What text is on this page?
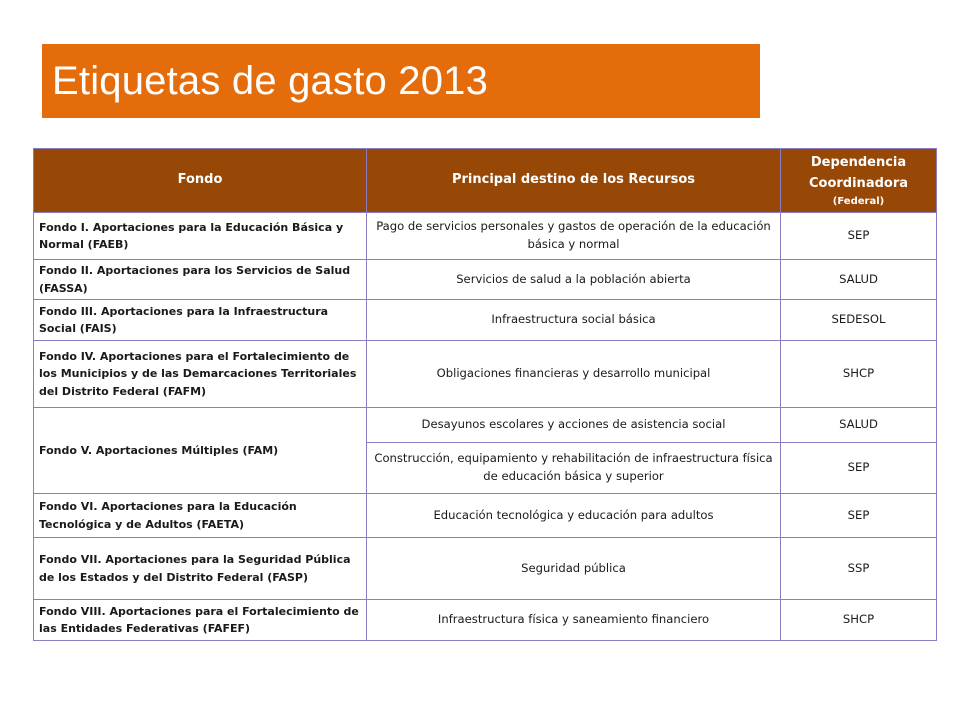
Etiquetas de gasto 2013
Fondo	Principal destino de los Recursos	Dependencia
Coordinadora
(Federal)

Fondo I. Aportaciones para la Educación Básica y Normal (FAEB)	Pago de servicios personales y gastos de operación de la educación básica y normal	SEP
Fondo II. Aportaciones para los Servicios de Salud (FASSA)	Servicios de salud a la población abierta	SALUD
Fondo III. Aportaciones para la Infraestructura Social (FAIS)	Infraestructura social básica	SEDESOL
Fondo IV. Aportaciones para el Fortalecimiento de los Municipios y de las Demarcaciones Territoriales del Distrito Federal (FAFM)	Obligaciones financieras y desarrollo municipal	SHCP
Fondo V. Aportaciones Múltiples (FAM)	Desayunos escolares y acciones de asistencia social	SALUD
	Construcción, equipamiento y rehabilitación de infraestructura física de educación básica y superior	SEP
Fondo VI. Aportaciones para la Educación Tecnológica y de Adultos (FAETA)	Educación tecnológica y educación para adultos	SEP
Fondo VII. Aportaciones para la Seguridad Pública de los Estados y del Distrito Federal (FASP)	Seguridad pública	SSP
Fondo VIII. Aportaciones para el Fortalecimiento de las Entidades Federativas (FAFEF)	Infraestructura física y saneamiento financiero	SHCP
